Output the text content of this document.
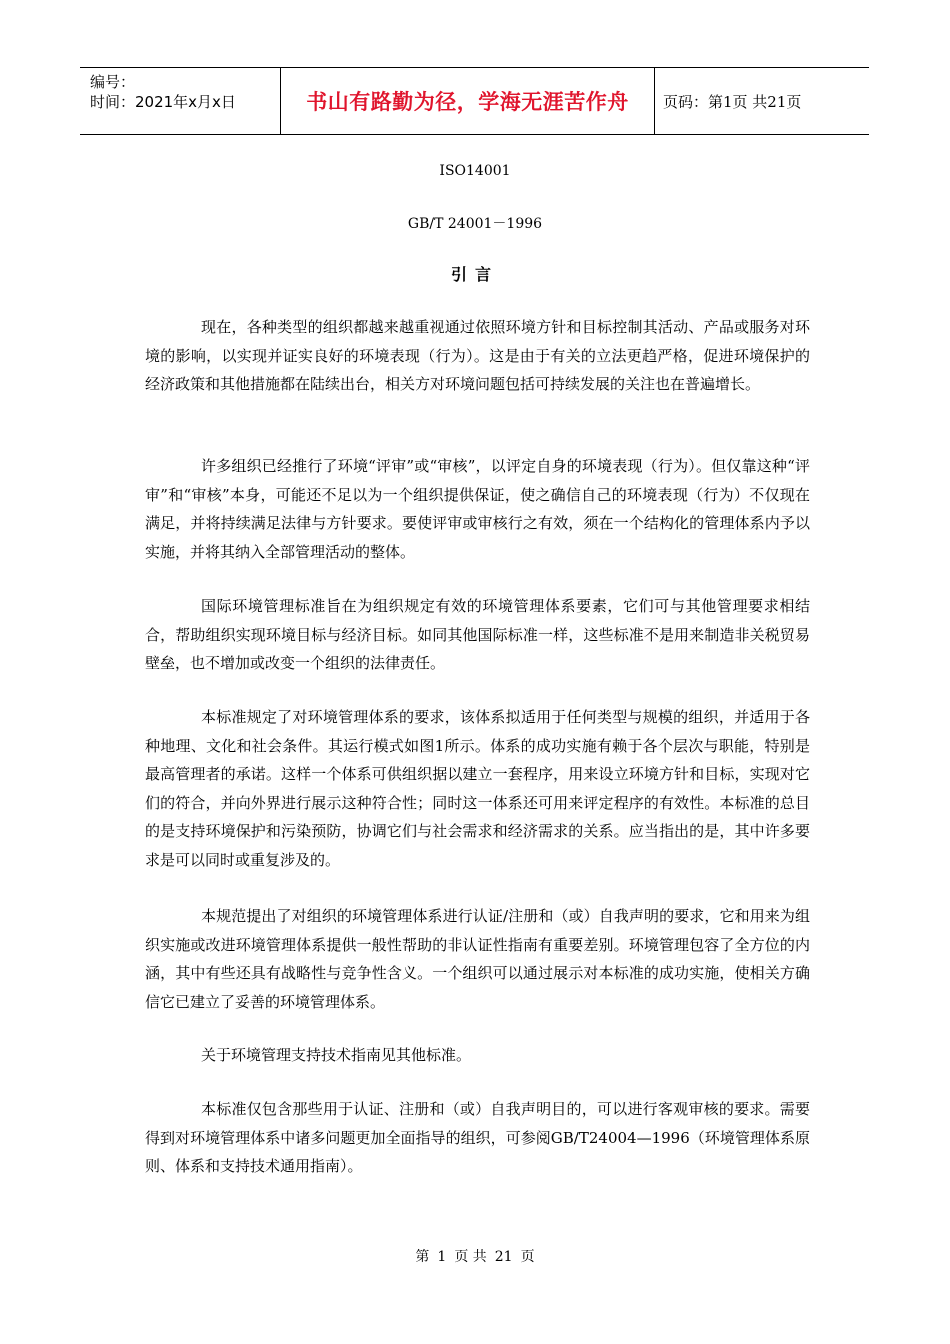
编号：
时间：2021年x月x日	书山有路勤为径，学海无涯苦作舟	页码：第1页 共21页
ISO14001
GB/T 24001－1996
引言

现在，各种类型的组织都越来越重视通过依照环境方针和目标控制其活动、产品或服务对环境的影响，以实现并证实良好的环境表现（行为）。这是由于有关的立法更趋严格，促进环境保护的经济政策和其他措施都在陆续出台，相关方对环境问题包括可持续发展的关注也在普遍增长。

许多组织已经推行了环境“评审”或“审核”，以评定自身的环境表现（行为）。但仅靠这种“评审”和“审核”本身，可能还不足以为一个组织提供保证，使之确信自己的环境表现（行为）不仅现在满足，并将持续满足法律与方针要求。要使评审或审核行之有效，须在一个结构化的管理体系内予以实施，并将其纳入全部管理活动的整体。

国际环境管理标准旨在为组织规定有效的环境管理体系要素，它们可与其他管理要求相结合，帮助组织实现环境目标与经济目标。如同其他国际标准一样，这些标准不是用来制造非关税贸易壁垒，也不增加或改变一个组织的法律责任。

本标准规定了对环境管理体系的要求，该体系拟适用于任何类型与规模的组织，并适用于各种地理、文化和社会条件。其运行模式如图1所示。体系的成功实施有赖于各个层次与职能，特别是最高管理者的承诺。这样一个体系可供组织据以建立一套程序，用来设立环境方针和目标，实现对它们的符合，并向外界进行展示这种符合性；同时这一体系还可用来评定程序的有效性。本标准的总目的是支持环境保护和污染预防，协调它们与社会需求和经济需求的关系。应当指出的是，其中许多要求是可以同时或重复涉及的。

本规范提出了对组织的环境管理体系进行认证/注册和（或）自我声明的要求，它和用来为组织实施或改进环境管理体系提供一般性帮助的非认证性指南有重要差别。环境管理包容了全方位的内涵，其中有些还具有战略性与竞争性含义。一个组织可以通过展示对本标准的成功实施，使相关方确信它已建立了妥善的环境管理体系。

关于环境管理支持技术指南见其他标准。

本标准仅包含那些用于认证、注册和（或）自我声明目的，可以进行客观审核的要求。需要得到对环境管理体系中诸多问题更加全面指导的组织，可参阅GB/T24004—1996（环境管理体系原则、体系和支持技术通用指南）。

第 1 页 共 21 页
